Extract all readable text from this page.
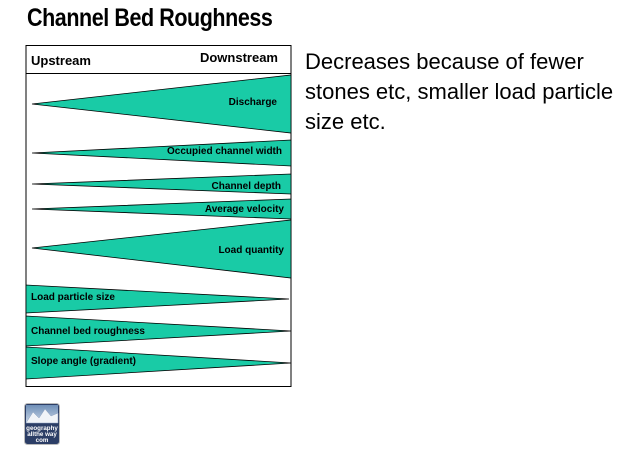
Channel Bed Roughness
Upstream	Downstream
Discharge
Occupied channel width
Channel depth
Average velocity
Load quantity
Load particle size
Channel bed roughness
Slope angle (gradient)

Decreases because of fewer stones etc, smaller load particle size etc.

geography
allthe way
com
